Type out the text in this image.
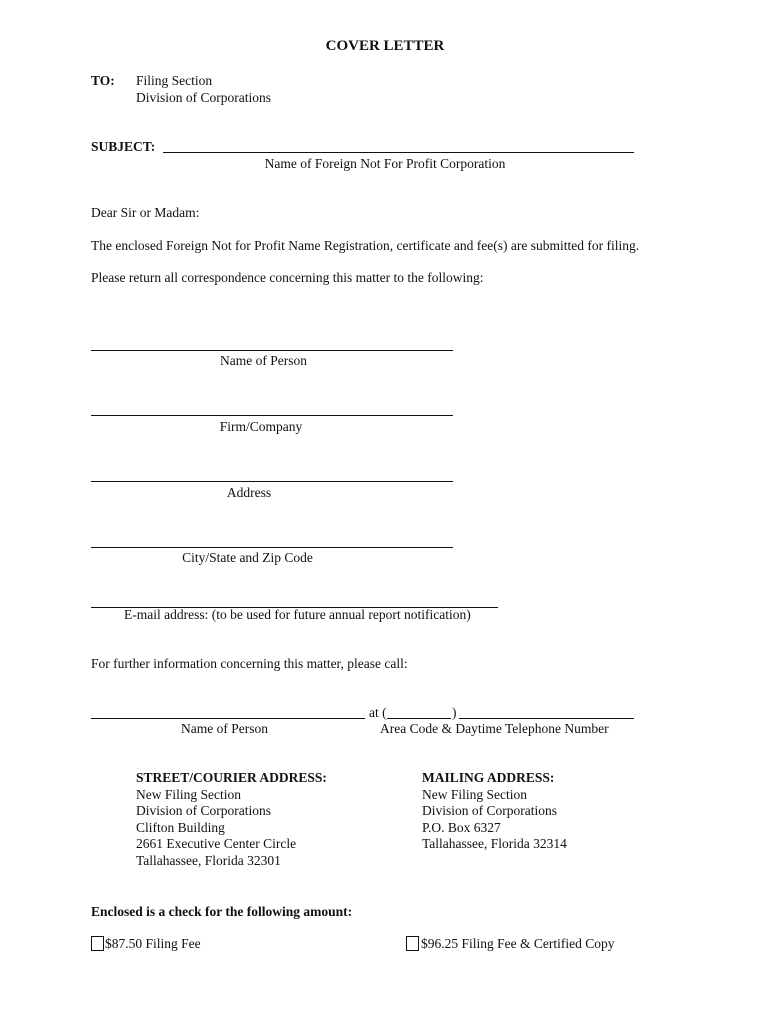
COVER LETTER
TO: Filing Section
Division of Corporations
SUBJECT:
Name of Foreign Not For Profit Corporation
Dear Sir or Madam:
The enclosed Foreign Not for Profit Name Registration, certificate and fee(s) are submitted for filing.
Please return all correspondence concerning this matter to the following:
Name of Person
Firm/Company
Address
City/State and Zip Code
E-mail address: (to be used for future annual report notification)
For further information concerning this matter, please call:
at (	)
Name of Person	Area Code & Daytime Telephone Number
STREET/COURIER ADDRESS:
New Filing Section
Division of Corporations
Clifton Building
2661 Executive Center Circle
Tallahassee, Florida 32301
MAILING ADDRESS:
New Filing Section
Division of Corporations
P.O. Box 6327
Tallahassee, Florida 32314
Enclosed is a check for the following amount:
$87.50 Filing Fee	$96.25 Filing Fee & Certified Copy
